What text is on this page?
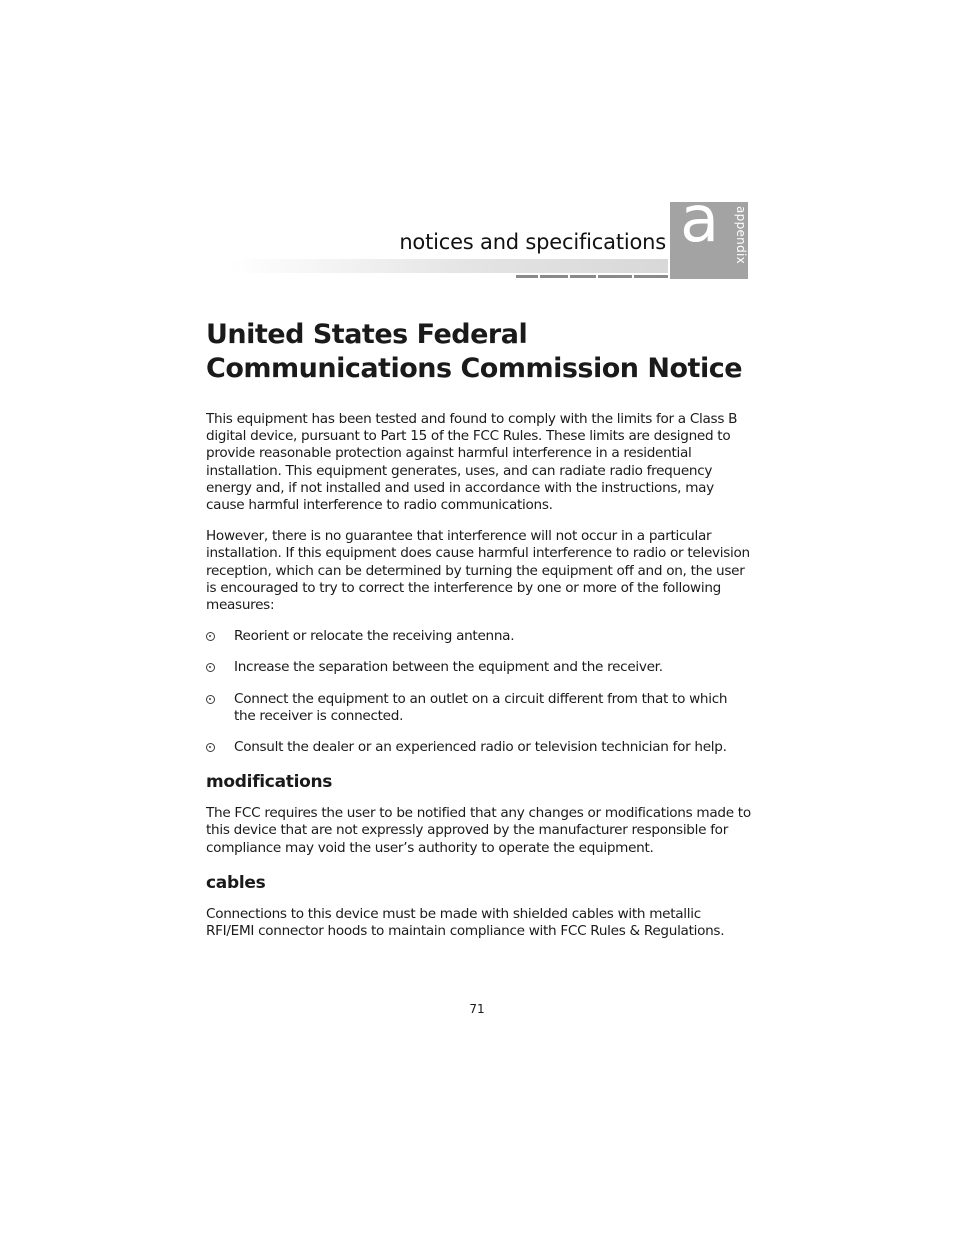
notices and specifications a appendix
United States Federal Communications Commission Notice

This equipment has been tested and found to comply with the limits for a Class B digital device, pursuant to Part 15 of the FCC Rules. These limits are designed to provide reasonable protection against harmful interference in a residential installation. This equipment generates, uses, and can radiate radio frequency energy and, if not installed and used in accordance with the instructions, may cause harmful interference to radio communications.

However, there is no guarantee that interference will not occur in a particular installation. If this equipment does cause harmful interference to radio or television reception, which can be determined by turning the equipment off and on, the user is encouraged to try to correct the interference by one or more of the following measures:

Reorient or relocate the receiving antenna.
Increase the separation between the equipment and the receiver.
Connect the equipment to an outlet on a circuit different from that to which the receiver is connected.
Consult the dealer or an experienced radio or television technician for help.
modifications

The FCC requires the user to be notified that any changes or modifications made to this device that are not expressly approved by the manufacturer responsible for compliance may void the user’s authority to operate the equipment.

cables

Connections to this device must be made with shielded cables with metallic RFI/EMI connector hoods to maintain compliance with FCC Rules & Regulations.

71
